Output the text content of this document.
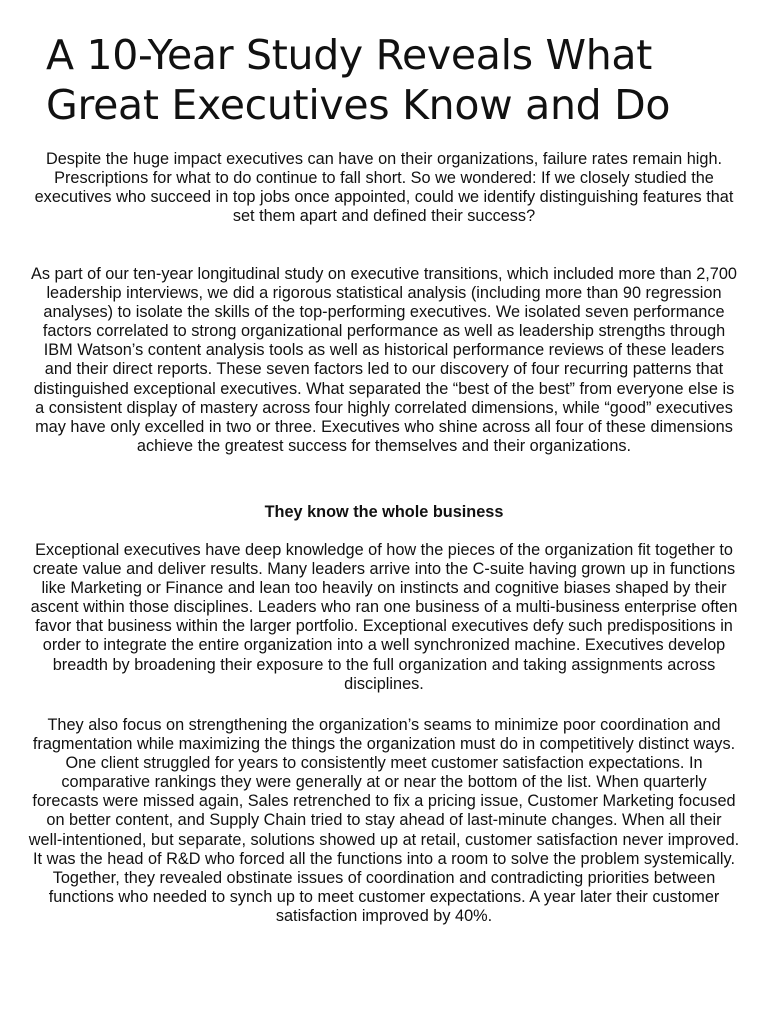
A 10-Year Study Reveals What Great Executives Know and Do

Despite the huge impact executives can have on their organizations, failure rates remain high. Prescriptions for what to do continue to fall short. So we wondered: If we closely studied the executives who succeed in top jobs once appointed, could we identify distinguishing features that set them apart and defined their success?

As part of our ten-year longitudinal study on executive transitions, which included more than 2,700 leadership interviews, we did a rigorous statistical analysis (including more than 90 regression analyses) to isolate the skills of the top-performing executives. We isolated seven performance factors correlated to strong organizational performance as well as leadership strengths through IBM Watson’s content analysis tools as well as historical performance reviews of these leaders and their direct reports. These seven factors led to our discovery of four recurring patterns that distinguished exceptional executives. What separated the “best of the best” from everyone else is a consistent display of mastery across four highly correlated dimensions, while “good” executives may have only excelled in two or three. Executives who shine across all four of these dimensions achieve the greatest success for themselves and their organizations.

They know the whole business

Exceptional executives have deep knowledge of how the pieces of the organization fit together to create value and deliver results. Many leaders arrive into the C-suite having grown up in functions like Marketing or Finance and lean too heavily on instincts and cognitive biases shaped by their ascent within those disciplines. Leaders who ran one business of a multi-business enterprise often favor that business within the larger portfolio. Exceptional executives defy such predispositions in order to integrate the entire organization into a well synchronized machine. Executives develop breadth by broadening their exposure to the full organization and taking assignments across disciplines.

They also focus on strengthening the organization’s seams to minimize poor coordination and fragmentation while maximizing the things the organization must do in competitively distinct ways. One client struggled for years to consistently meet customer satisfaction expectations. In comparative rankings they were generally at or near the bottom of the list. When quarterly forecasts were missed again, Sales retrenched to fix a pricing issue, Customer Marketing focused on better content, and Supply Chain tried to stay ahead of last-minute changes. When all their well-intentioned, but separate, solutions showed up at retail, customer satisfaction never improved. It was the head of R&D who forced all the functions into a room to solve the problem systemically. Together, they revealed obstinate issues of coordination and contradicting priorities between functions who needed to synch up to meet customer expectations. A year later their customer satisfaction improved by 40%.
